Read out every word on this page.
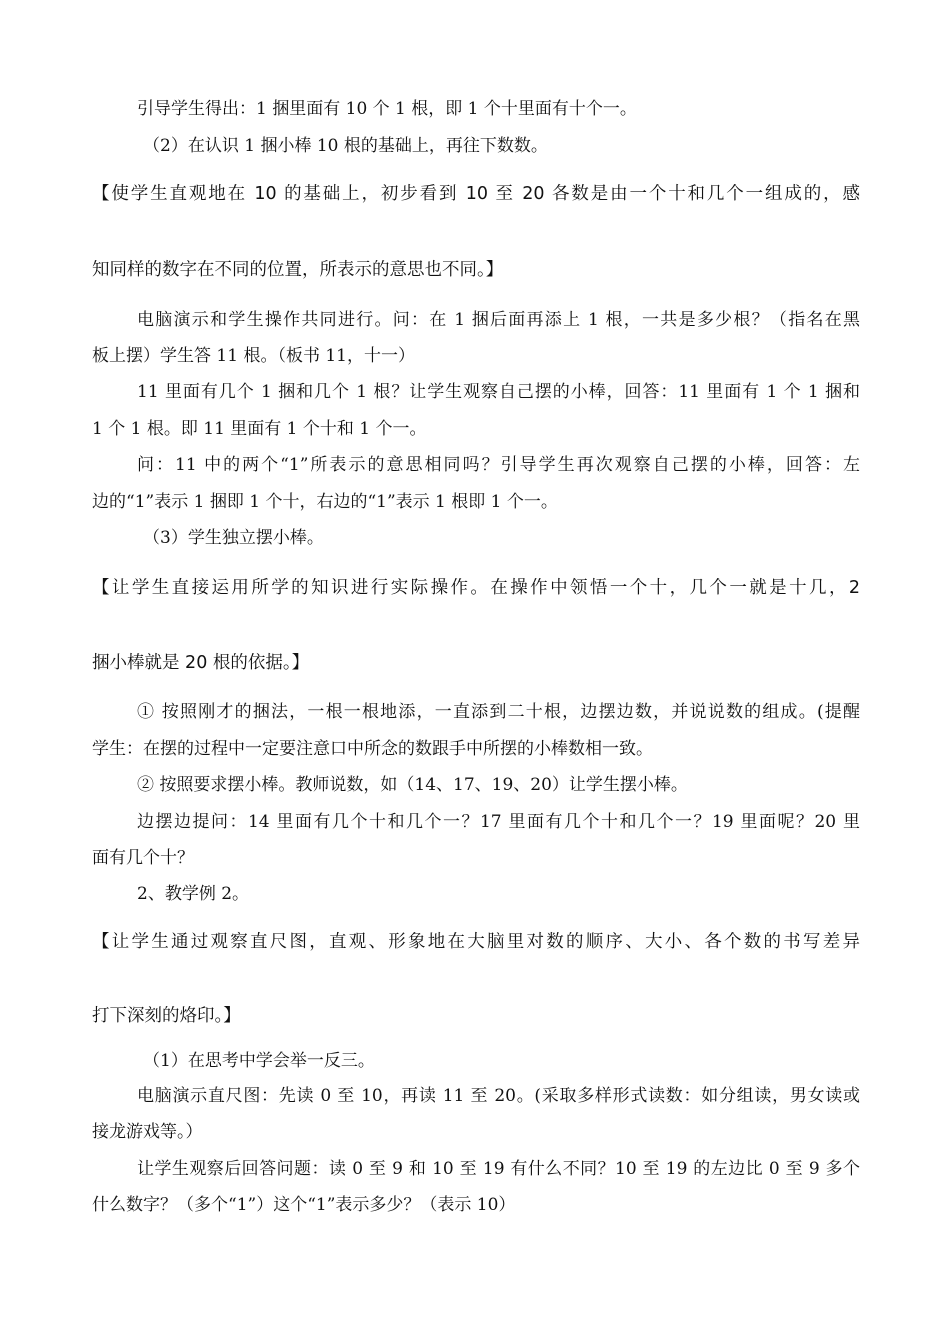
引导学生得出：1 捆里面有 10 个 1 根，即 1 个十里面有十个一。

（2）在认识 1 捆小棒 10 根的基础上，再往下数数。

【使学生直观地在 10 的基础上，初步看到 10 至 20 各数是由一个十和几个一组成的，感

知同样的数字在不同的位置，所表示的意思也不同。】

电脑演示和学生操作共同进行。问：在 1 捆后面再添上 1 根，一共是多少根？（指名在黑

板上摆）学生答 11 根。（板书 11，十一）

11 里面有几个 1 捆和几个 1 根？让学生观察自己摆的小棒，回答：11 里面有 1 个 1 捆和

1 个 1 根。即 11 里面有 1 个十和 1 个一。

问：11 中的两个“1”所表示的意思相同吗？引导学生再次观察自己摆的小棒，回答：左

边的“1”表示 1 捆即 1 个十，右边的“1”表示 1 根即 1 个一。

（3）学生独立摆小棒。

【让学生直接运用所学的知识进行实际操作。在操作中领悟一个十，几个一就是十几，2

捆小棒就是 20 根的依据。】

① 按照刚才的捆法，一根一根地添，一直添到二十根，边摆边数，并说说数的组成。(提醒

学生：在摆的过程中一定要注意口中所念的数跟手中所摆的小棒数相一致。

② 按照要求摆小棒。教师说数，如（14、17、19、20）让学生摆小棒。

边摆边提问：14 里面有几个十和几个一？17 里面有几个十和几个一？19 里面呢？20 里

面有几个十？

2、教学例 2。

【让学生通过观察直尺图，直观、形象地在大脑里对数的顺序、大小、各个数的书写差异

打下深刻的烙印。】

（1）在思考中学会举一反三。

电脑演示直尺图：先读 0 至 10，再读 11 至 20。(采取多样形式读数：如分组读，男女读或

接龙游戏等。）

让学生观察后回答问题：读 0 至 9 和 10 至 19 有什么不同？10 至 19 的左边比 0 至 9 多个

什么数字？（多个“1”）这个“1”表示多少？（表示 10）
